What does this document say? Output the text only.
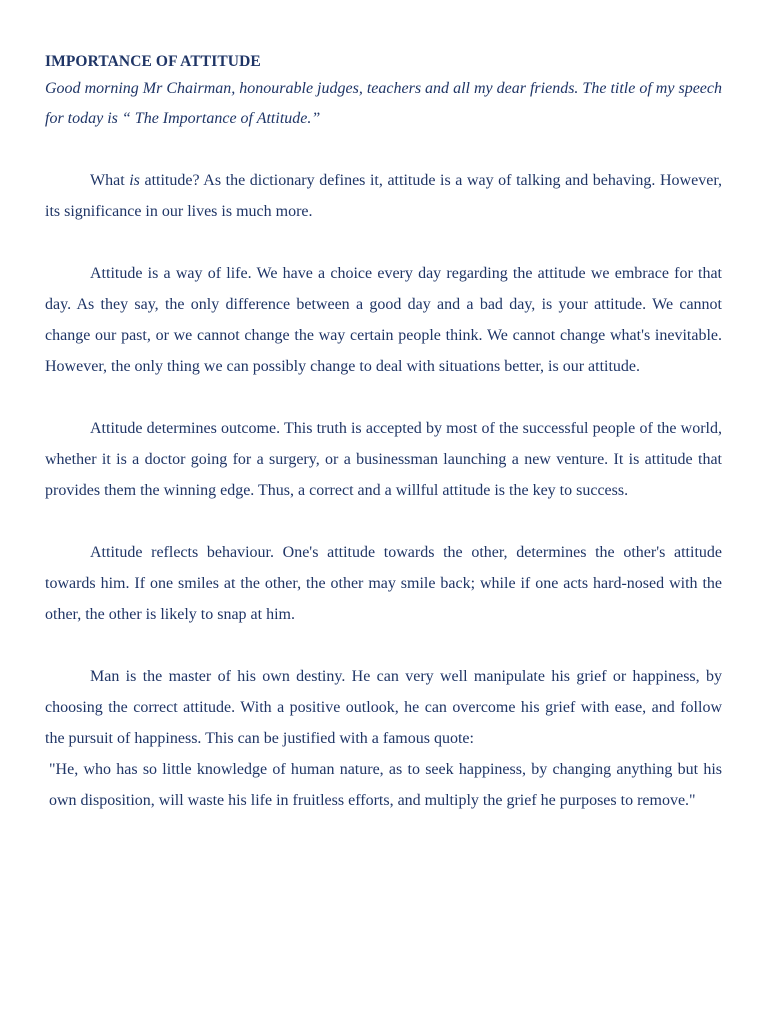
IMPORTANCE OF ATTITUDE

Good morning Mr Chairman, honourable judges, teachers and all my dear friends. The title of my speech for today is “ The Importance of Attitude.”

What is attitude? As the dictionary defines it, attitude is a way of talking and behaving. However, its significance in our lives is much more.

Attitude is a way of life. We have a choice every day regarding the attitude we embrace for that day. As they say, the only difference between a good day and a bad day, is your attitude. We cannot change our past, or we cannot change the way certain people think. We cannot change what's inevitable. However, the only thing we can possibly change to deal with situations better, is our attitude.

Attitude determines outcome. This truth is accepted by most of the successful people of the world, whether it is a doctor going for a surgery, or a businessman launching a new venture. It is attitude that provides them the winning edge. Thus, a correct and a willful attitude is the key to success.

Attitude reflects behaviour. One's attitude towards the other, determines the other's attitude towards him. If one smiles at the other, the other may smile back; while if one acts hard-nosed with the other, the other is likely to snap at him.

Man is the master of his own destiny. He can very well manipulate his grief or happiness, by choosing the correct attitude. With a positive outlook, he can overcome his grief with ease, and follow the pursuit of happiness. This can be justified with a famous quote:

"He, who has so little knowledge of human nature, as to seek happiness, by changing anything but his own disposition, will waste his life in fruitless efforts, and multiply the grief he purposes to remove."
